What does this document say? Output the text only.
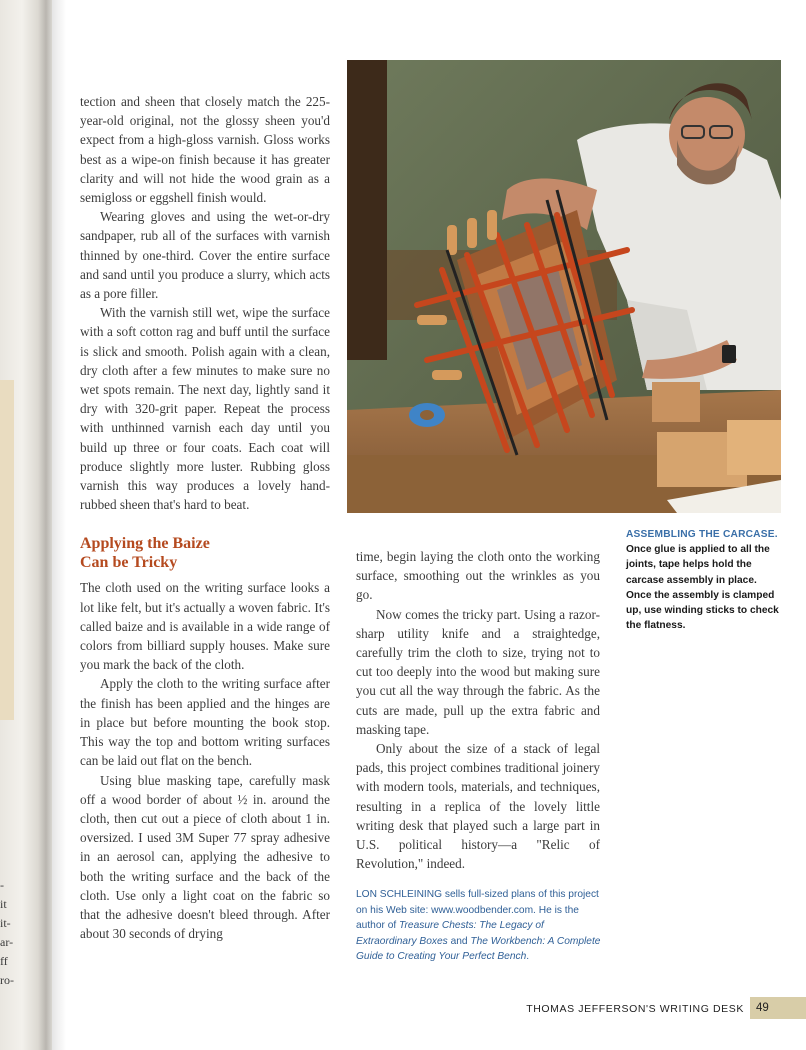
-
it
it-
ar-
ff
ro-

tection and sheen that closely match the 225-year-old original, not the glossy sheen you'd expect from a high-gloss varnish. Gloss works best as a wipe-on finish because it has greater clarity and will not hide the wood grain as a semigloss or eggshell finish would.

Wearing gloves and using the wet-or-dry sandpaper, rub all of the surfaces with varnish thinned by one-third. Cover the entire surface and sand until you produce a slurry, which acts as a pore filler.

With the varnish still wet, wipe the surface with a soft cotton rag and buff until the surface is slick and smooth. Polish again with a clean, dry cloth after a few minutes to make sure no wet spots remain. The next day, lightly sand it dry with 320-grit paper. Repeat the process with unthinned varnish each day until you build up three or four coats. Each coat will produce slightly more luster. Rubbing gloss varnish this way produces a lovely hand-rubbed sheen that's hard to beat.

Applying the Baize
Can be Tricky

The cloth used on the writing surface looks a lot like felt, but it's actually a woven fabric. It's called baize and is available in a wide range of colors from billiard supply houses. Make sure you mark the back of the cloth.

Apply the cloth to the writing surface after the finish has been applied and the hinges are in place but before mounting the book stop. This way the top and bottom writing surfaces can be laid out flat on the bench.

Using blue masking tape, carefully mask off a wood border of about ½ in. around the cloth, then cut out a piece of cloth about 1 in. oversized. I used 3M Super 77 spray adhesive in an aerosol can, applying the adhesive to both the writing surface and the back of the cloth. Use only a light coat on the fabric so that the adhesive doesn't bleed through. After about 30 seconds of drying

ASSEMBLING THE CARCASE.
Once glue is applied to all the joints, tape helps hold the carcase assembly in place. Once the assembly is clamped up, use winding sticks to check the flatness.

time, begin laying the cloth onto the working surface, smoothing out the wrinkles as you go.

Now comes the tricky part. Using a razor-sharp utility knife and a straightedge, carefully trim the cloth to size, trying not to cut too deeply into the wood but making sure you cut all the way through the fabric. As the cuts are made, pull up the extra fabric and masking tape.

Only about the size of a stack of legal pads, this project combines traditional joinery with modern tools, materials, and techniques, resulting in a replica of the lovely little writing desk that played such a large part in U.S. political history—a "Relic of Revolution," indeed.

LON SCHLEINING sells full-sized plans of this project on his Web site: www.woodbender.com. He is the author of Treasure Chests: The Legacy of Extraordinary Boxes and The Workbench: A Complete Guide to Creating Your Perfect Bench.
THOMAS JEFFERSON'S WRITING DESK	49
